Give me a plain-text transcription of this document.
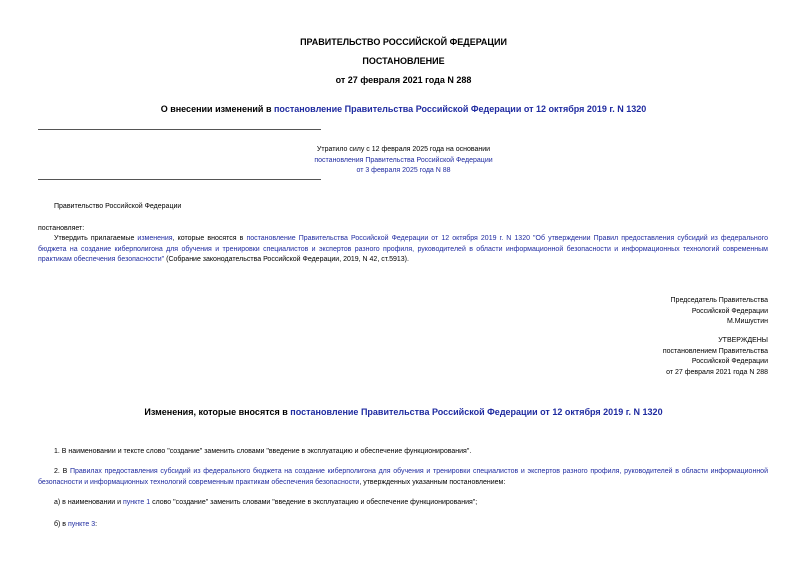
ПРАВИТЕЛЬСТВО РОССИЙСКОЙ ФЕДЕРАЦИИ
ПОСТАНОВЛЕНИЕ
от 27 февраля 2021 года N 288
О внесении изменений в постановление Правительства Российской Федерации от 12 октября 2019 г. N 1320
Утратило силу с 12 февраля 2025 года на основании
постановления Правительства Российской Федерации
от 3 февраля 2025 года N 88
Правительство Российской Федерации
постановляет:

Утвердить прилагаемые изменения, которые вносятся в постановление Правительства Российской Федерации от 12 октября 2019 г. N 1320 "Об утверждении Правил предоставления субсидий из федерального бюджета на создание киберполигона для обучения и тренировки специалистов и экспертов разного профиля, руководителей в области информационной безопасности и информационных технологий современным практикам обеспечения безопасности" (Собрание законодательства Российской Федерации, 2019, N 42, ст.5913).

Председатель Правительства
Российской Федерации
М.Мишустин
УТВЕРЖДЕНЫ
постановлением Правительства
Российской Федерации
от 27 февраля 2021 года N 288
Изменения, которые вносятся в постановление Правительства Российской Федерации от 12 октября 2019 г. N 1320

1. В наименовании и тексте слово "создание" заменить словами "введение в эксплуатацию и обеспечение функционирования".

2. В Правилах предоставления субсидий из федерального бюджета на создание киберполигона для обучения и тренировки специалистов и экспертов разного профиля, руководителей в области информационной безопасности и информационных технологий современным практикам обеспечения безопасности, утвержденных указанным постановлением:

а) в наименовании и пункте 1 слово "создание" заменить словами "введение в эксплуатацию и обеспечение функционирования";

б) в пункте 3:
